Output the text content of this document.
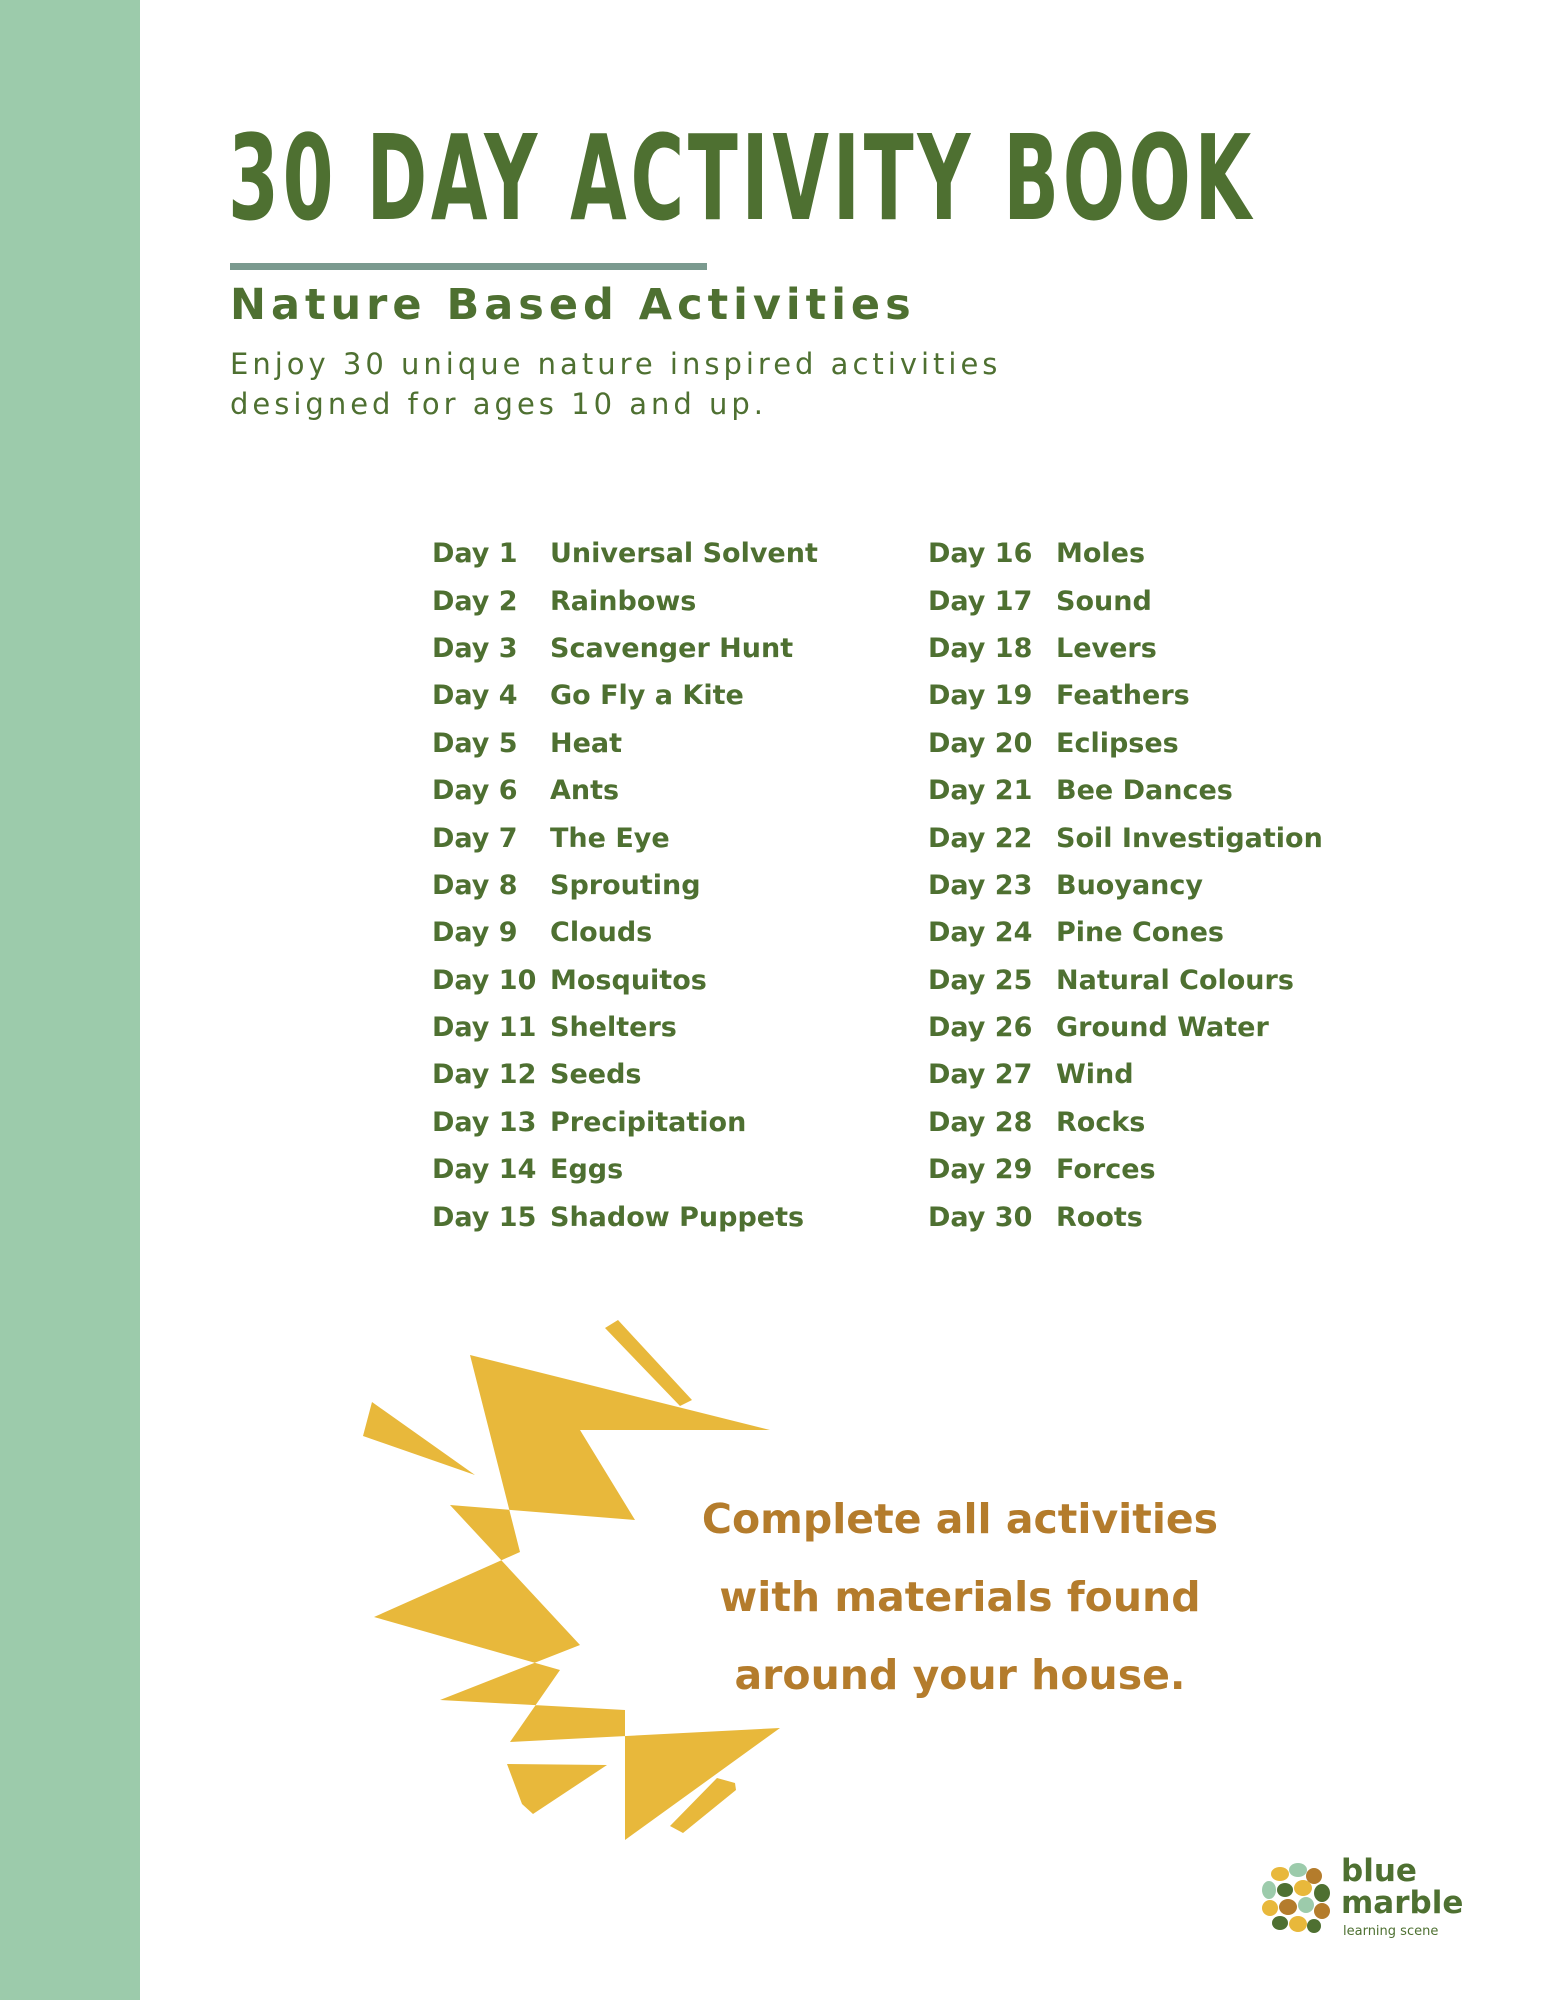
30 DAY ACTIVITY BOOK
Nature Based Activities

Enjoy 30 unique nature inspired activities
designed for ages 10 and up.

Day 1	Universal Solvent
Day 2	Rainbows
Day 3	Scavenger Hunt
Day 4	Go Fly a Kite
Day 5	Heat
Day 6	Ants
Day 7	The Eye
Day 8	Sprouting
Day 9	Clouds
Day 10 Mosquitos
Day 11 Shelters
Day 12 Seeds
Day 13 Precipitation
Day 14 Eggs
Day 15 Shadow Puppets
Day 16 Moles
Day 17 Sound
Day 18 Levers
Day 19 Feathers
Day 20 Eclipses
Day 21 Bee Dances
Day 22 Soil Investigation
Day 23 Buoyancy
Day 24 Pine Cones
Day 25 Natural Colours
Day 26 Ground Water
Day 27 Wind
Day 28 Rocks
Day 29 Forces
Day 30 Roots

Complete all activities
with materials found
around your house.

blue
marble
learning scene
